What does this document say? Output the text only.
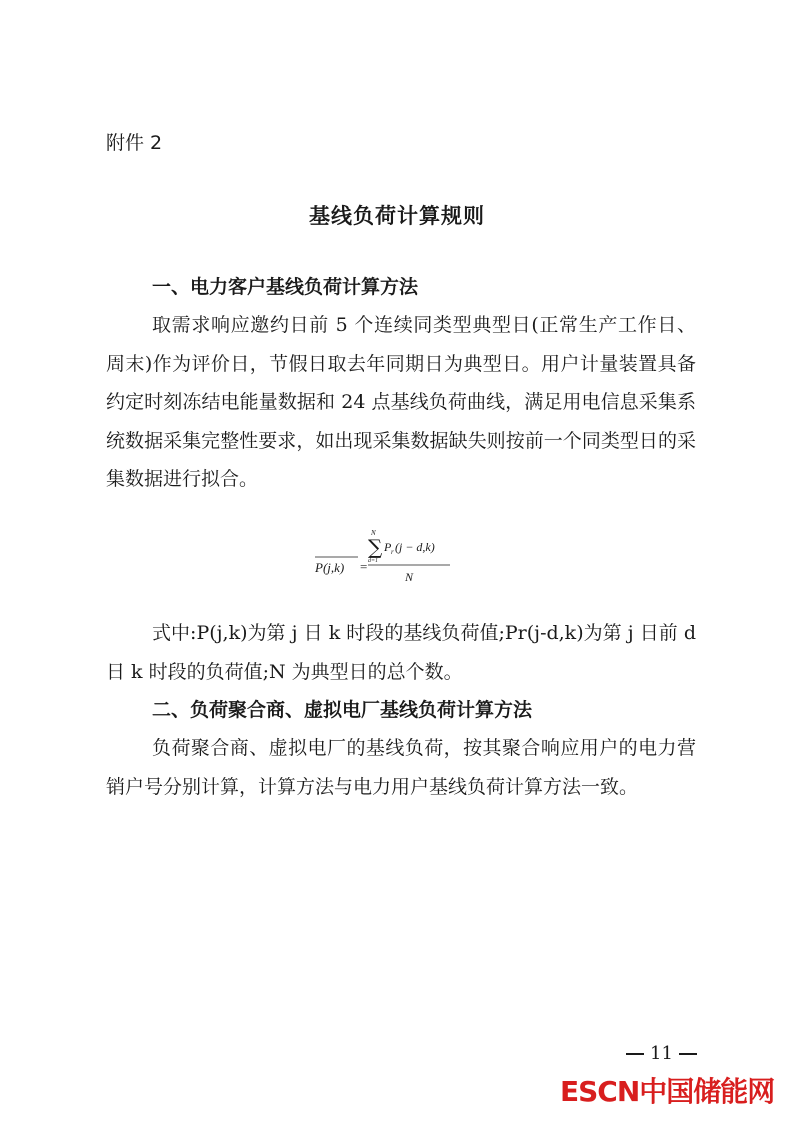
附件 2
基线负荷计算规则
一、电力客户基线负荷计算方法
取需求响应邀约日前 5 个连续同类型典型日(正常生产工作日、周末)作为评价日，节假日取去年同期日为典型日。用户计量装置具备约定时刻冻结电能量数据和 24 点基线负荷曲线，满足用电信息采集系统数据采集完整性要求，如出现采集数据缺失则按前一个同类型日的采集数据进行拟合。
P(j,k) =
N
∑
d=1
P r (j − d,k)
N
式中:P(j,k)为第 j 日 k 时段的基线负荷值;Pr(j-d,k)为第 j 日前 d 日 k 时段的负荷值;N 为典型日的总个数。
二、负荷聚合商、虚拟电厂基线负荷计算方法
负荷聚合商、虚拟电厂的基线负荷，按其聚合响应用户的电力营销户号分别计算，计算方法与电力用户基线负荷计算方法一致。
11
ESCN中国储能网
